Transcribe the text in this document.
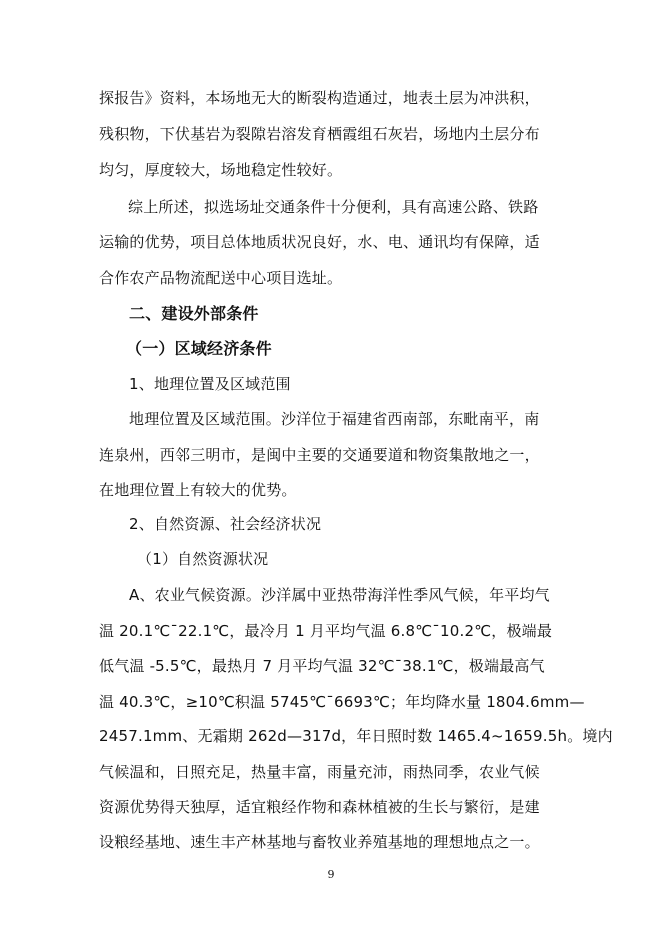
探报告》资料，本场地无大的断裂构造通过，地表土层为冲洪积，
残积物，下伏基岩为裂隙岩溶发育栖霞组石灰岩，场地内土层分布
均匀，厚度较大，场地稳定性较好。
综上所述，拟选场址交通条件十分便利，具有高速公路、铁路
运输的优势，项目总体地质状况良好，水、电、通讯均有保障，适
合作农产品物流配送中心项目选址。
二、建设外部条件
（一）区域经济条件
1、地理位置及区域范围
地理位置及区域范围。沙洋位于福建省西南部，东毗南平，南
连泉州，西邻三明市，是闽中主要的交通要道和物资集散地之一，
在地理位置上有较大的优势。
2、自然资源、社会经济状况
（1）自然资源状况
A、农业气候资源。沙洋属中亚热带海洋性季风气候，年平均气
温 20.1℃¯22.1℃，最冷月 1 月平均气温 6.8℃¯10.2℃，极端最
低气温 -5.5℃，最热月 7 月平均气温 32℃¯38.1℃，极端最高气
温 40.3℃，≥10℃积温 5745℃¯6693℃；年均降水量 1804.6mm—
2457.1mm、无霜期 262d—317d，年日照时数 1465.4~1659.5h。境内
气候温和，日照充足，热量丰富，雨量充沛，雨热同季，农业气候
资源优势得天独厚，适宜粮经作物和森林植被的生长与繁衍，是建
设粮经基地、速生丰产林基地与畜牧业养殖基地的理想地点之一。
9
